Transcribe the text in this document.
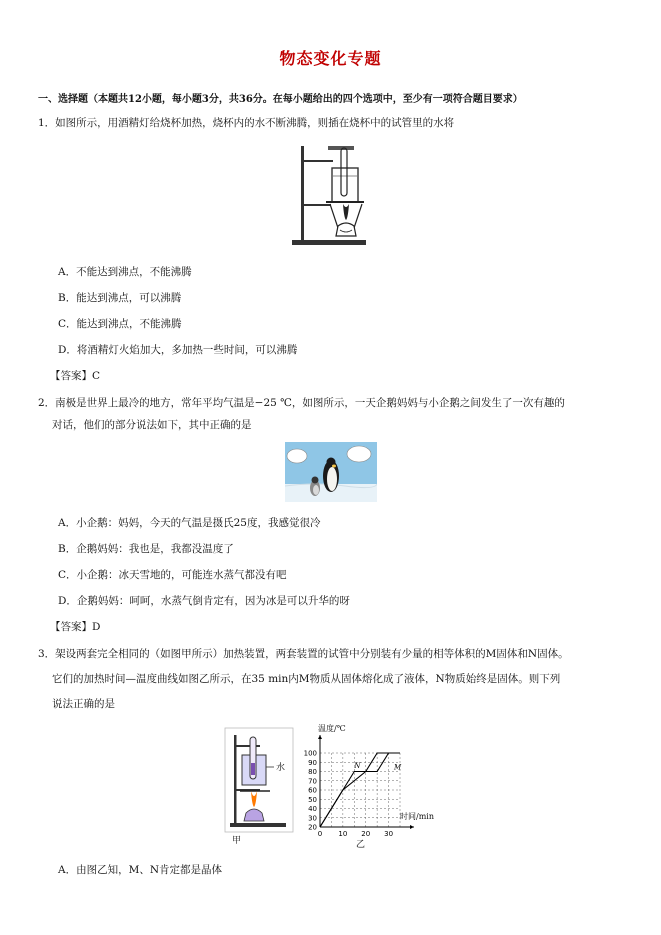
物态变化专题
一、选择题（本题共12小题，每小题3分，共36分。在每小题给出的四个选项中，至少有一项符合题目要求）
1．如图所示，用酒精灯给烧杯加热，烧杯内的水不断沸腾，则插在烧杯中的试管里的水将
A．不能达到沸点，不能沸腾
B．能达到沸点，可以沸腾
C．能达到沸点，不能沸腾
D．将酒精灯火焰加大，多加热一些时间，可以沸腾
【答案】C
2．南极是世界上最冷的地方，常年平均气温是−25 ℃，如图所示，一天企鹅妈妈与小企鹅之间发生了一次有趣的
对话，他们的部分说法如下，其中正确的是
A．小企鹅：妈妈，今天的气温是摄氏25度，我感觉很冷
B．企鹅妈妈：我也是，我都没温度了
C．小企鹅：冰天雪地的，可能连水蒸气都没有吧
D．企鹅妈妈：呵呵，水蒸气倒肯定有，因为冰是可以升华的呀
【答案】D
3．架设两套完全相同的（如图甲所示）加热装置，两套装置的试管中分别装有少量的相等体积的M固体和N固体。
它们的加热时间—温度曲线如图乙所示，在35 min内M物质从固体熔化成了液体，N物质始终是固体。则下列
说法正确的是
水
甲
100
90
80
70
60
50
40
30
20
0 10 20 30
N	M
温度/℃
时间/min
乙
A．由图乙知，M、N肯定都是晶体
